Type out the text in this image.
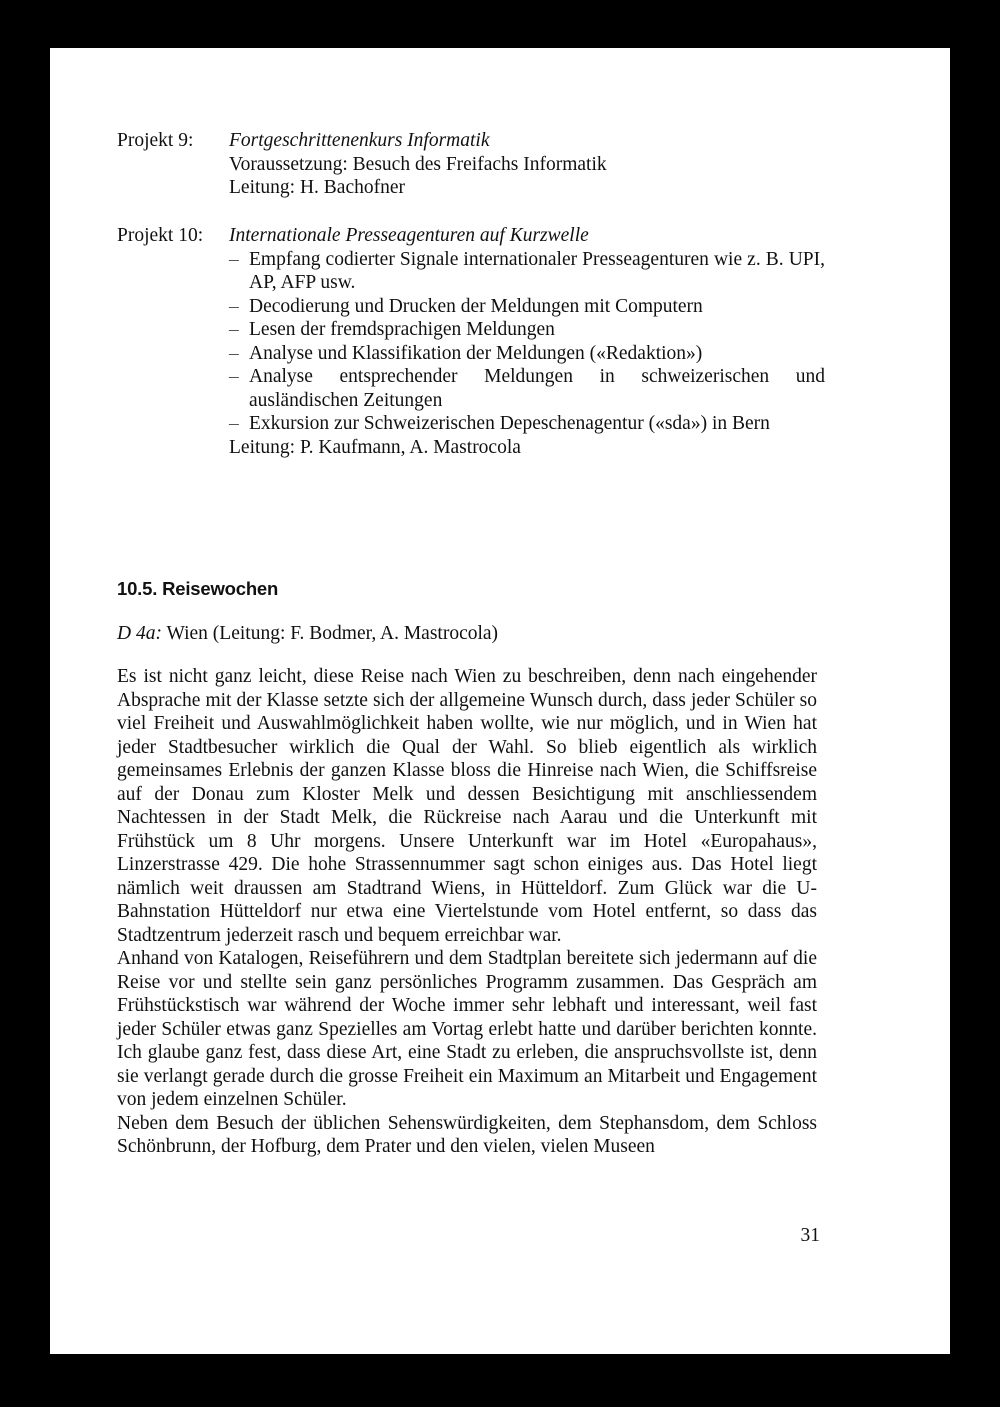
Projekt 9: Fortgeschrittenenkurs Informatik
Voraussetzung: Besuch des Freifachs Informatik
Leitung: H. Bachofner
Projekt 10: Internationale Presseagenturen auf Kurzwelle
– Empfang codierter Signale internationaler Presseagenturen wie z. B. UPI, AP, AFP usw.
– Decodierung und Drucken der Meldungen mit Computern
– Lesen der fremdsprachigen Meldungen
– Analyse und Klassifikation der Meldungen («Redaktion»)
– Analyse entsprechender Meldungen in schweizerischen und ausländischen Zeitungen
– Exkursion zur Schweizerischen Depeschenagentur («sda») in Bern
Leitung: P. Kaufmann, A. Mastrocola
10.5. Reisewochen
D 4a: Wien (Leitung: F. Bodmer, A. Mastrocola)

Es ist nicht ganz leicht, diese Reise nach Wien zu beschreiben, denn nach eingehender Absprache mit der Klasse setzte sich der allgemeine Wunsch durch, dass jeder Schüler so viel Freiheit und Auswahlmöglichkeit haben wollte, wie nur möglich, und in Wien hat jeder Stadtbesucher wirklich die Qual der Wahl. So blieb eigentlich als wirklich gemeinsames Erlebnis der ganzen Klasse bloss die Hinreise nach Wien, die Schiffsreise auf der Donau zum Kloster Melk und dessen Besichtigung mit anschliessendem Nachtessen in der Stadt Melk, die Rückreise nach Aarau und die Unterkunft mit Frühstück um 8 Uhr morgens. Unsere Unterkunft war im Hotel «Europahaus», Linzerstrasse 429. Die hohe Strassennummer sagt schon einiges aus. Das Hotel liegt nämlich weit draussen am Stadtrand Wiens, in Hütteldorf. Zum Glück war die U-Bahnstation Hütteldorf nur etwa eine Viertelstunde vom Hotel entfernt, so dass das Stadtzentrum jederzeit rasch und bequem erreichbar war.

Anhand von Katalogen, Reiseführern und dem Stadtplan bereitete sich jedermann auf die Reise vor und stellte sein ganz persönliches Programm zusammen. Das Gespräch am Frühstückstisch war während der Woche immer sehr lebhaft und interessant, weil fast jeder Schüler etwas ganz Spezielles am Vortag erlebt hatte und darüber berichten konnte. Ich glaube ganz fest, dass diese Art, eine Stadt zu erleben, die anspruchsvollste ist, denn sie verlangt gerade durch die grosse Freiheit ein Maximum an Mitarbeit und Engagement von jedem einzelnen Schüler.

Neben dem Besuch der üblichen Sehenswürdigkeiten, dem Stephansdom, dem Schloss Schönbrunn, der Hofburg, dem Prater und den vielen, vielen Museen

31
